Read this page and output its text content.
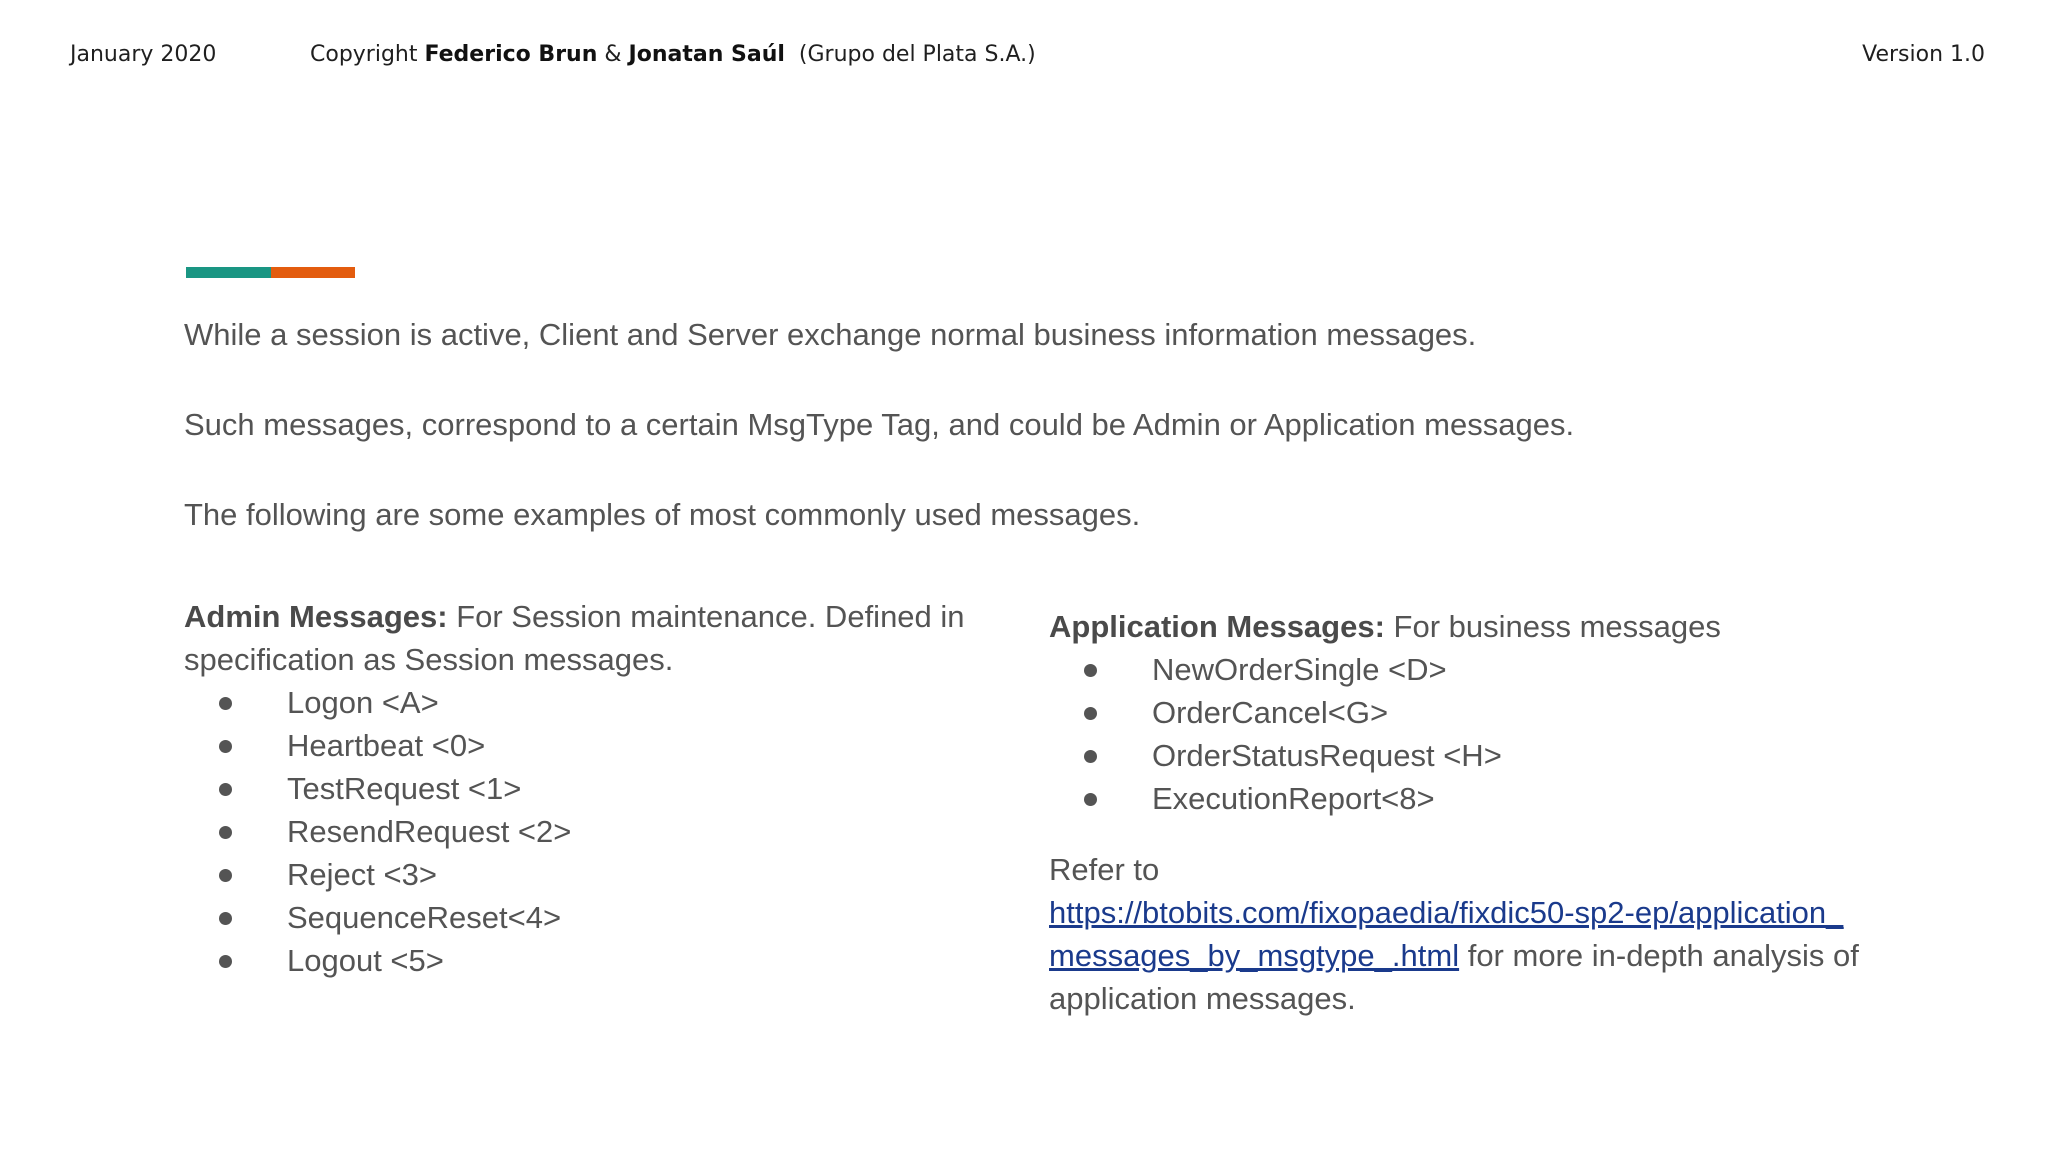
January 2020	Copyright Federico Brun & Jonatan Saúl  (Grupo del Plata S.A.)	Version 1.0
While a session is active, Client and Server exchange normal business information messages.
Such messages, correspond to a certain MsgType Tag, and could be Admin or Application messages.
The following are some examples of most commonly used messages.
Admin Messages: For Session maintenance. Defined in
specification as Session messages.
Logon <A>
Heartbeat <0>
TestRequest <1>
ResendRequest <2>
Reject <3>
SequenceReset<4>
Logout <5>
Application Messages: For business messages
NewOrderSingle <D>
OrderCancel<G>
OrderStatusRequest <H>
ExecutionReport<8>
Refer to
https://btobits.com/fixopaedia/fixdic50-sp2-ep/application_
messages_by_msgtype_.html for more in-depth analysis of
application messages.
